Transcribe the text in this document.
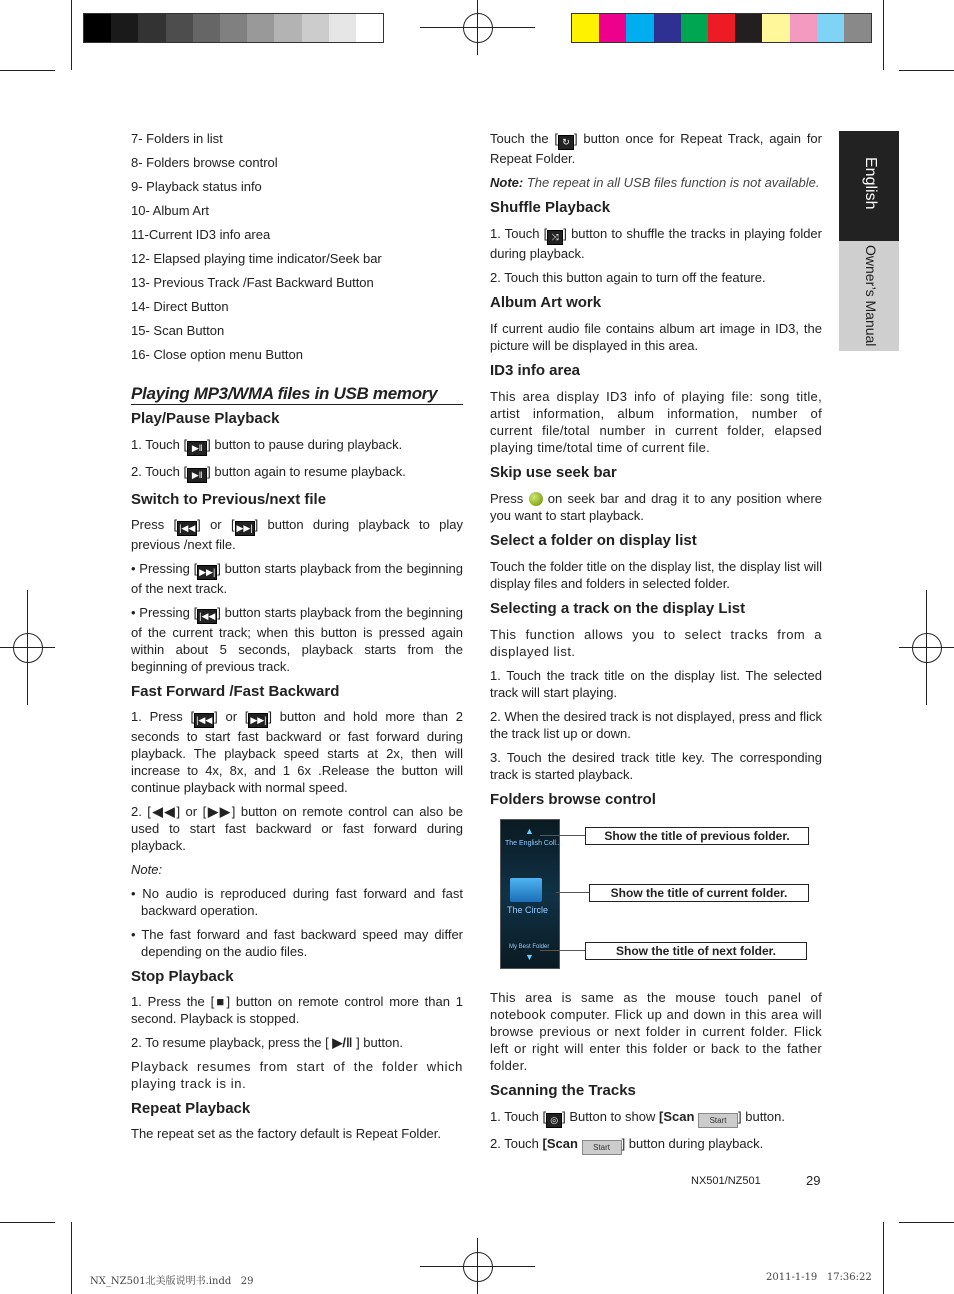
English
Owner’s Manual
7- Folders in list
8- Folders browse control
9- Playback status info
10- Album Art
11-Current ID3 info area
12- Elapsed playing time indicator/Seek bar
13- Previous Track /Fast Backward Button
14- Direct Button
15- Scan Button
16- Close option menu Button
Playing MP3/WMA files in USB memory
Play/Pause Playback

1. Touch [ ▶‖ ] button to pause during playback.

2. Touch [ ▶‖ ] button again to resume playback.

Switch to Previous/next file

Press [ |◀◀ ] or [ ▶▶| ] button during playback to play previous /next file.

• Pressing [ ▶▶| ] button starts playback from the beginning of the next track.

• Pressing [ |◀◀ ] button starts playback from the beginning of the current track; when this button is pressed again within about 5 seconds, playback starts from the beginning of previous track.

Fast Forward /Fast Backward

1. Press [ |◀◀ ] or [ ▶▶| ] button and hold more than 2 seconds to start fast backward or fast forward during playback. The playback speed starts at 2x, then will increase to 4x, 8x, and 1 6x .Release the button will continue playback with normal speed.

2. [◀◀] or [▶▶] button on remote control can also be used to start fast backward or fast forward during playback.

Note:

• No audio is reproduced during fast forward and fast backward operation.

• The fast forward and fast backward speed may differ depending on the audio files.

Stop Playback

1. Press the [■] button on remote control more than 1 second. Playback is stopped.

2. To resume playback, press the [ ▶/‖ ] button.

Playback resumes from start of the folder which playing track is in.

Repeat Playback

The repeat set as the factory default is Repeat Folder.

Touch the [ ↻ ] button once for Repeat Track, again for Repeat Folder.

Note: The repeat in all USB files function is not available.

Shuffle Playback

1. Touch [ ⤨ ] button to shuffle the tracks in playing folder during playback.

2. Touch this button again to turn off the feature.

Album Art work

If current audio file contains album art image in ID3, the picture will be displayed in this area.

ID3 info area

This area display ID3 info of playing file: song title, artist information, album information, number of current file/total number in current folder, elapsed playing time/total time of current file.

Skip use seek bar

Press  on seek bar and drag it to any position where you want to start playback.

Select a folder on display list

Touch the folder title on the display list, the display list will display files and folders in selected folder.

Selecting a track on the display List

This function allows you to select tracks from a displayed list.

1. Touch the track title on the display list. The selected track will start playing.

2. When the desired track is not displayed, press and flick the track list up or down.

3. Touch the desired track title key. The corresponding track is started playback.

Folders browse control
▲
The English Coll...
The Circle
My Best Folder
▼
Show the title of previous folder.
Show the title of current folder.
Show the title of next folder.

This area is same as the mouse touch panel of notebook computer. Flick up and down in this area will browse previous or next folder in current folder. Flick left or right will enter this folder or back to the father folder.

Scanning the Tracks

1. Touch [ ◎ ] Button to show [Scan Start ] button.

2. Touch [Scan Start ] button during playback.

NX501/NZ501	29
NX_NZ501北美版说明书.indd   29	2011-1-19   17:36:22
